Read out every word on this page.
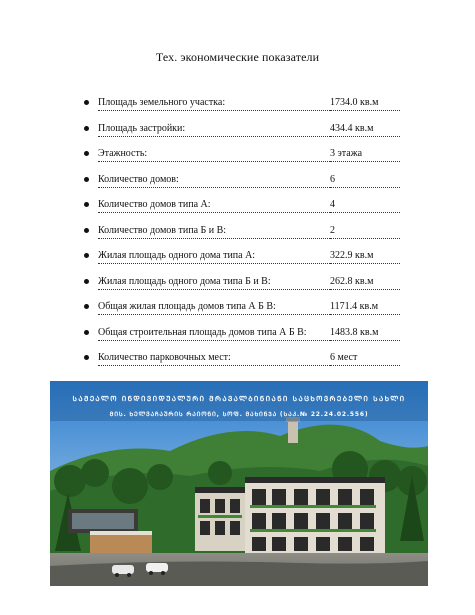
Тех. экономические показатели
Площадь земельного участка:	1734.0 кв.м
Площадь застройки:	434.4 кв.м
Этажность:	3 этажа
Количество домов:	6
Количество домов типа А:	4
Количество домов типа Б и В:	2
Жилая площадь одного дома типа А:	322.9 кв.м
Жилая площадь одного дома типа Б и В:	262.8 кв.м
Общая жилая площадь домов типа А Б В:	1171.4 кв.м
Общая строительная площадь домов типа А Б В:	1483.8 кв.м
Количество парковочных мест:	6 мест
ᲡᲐᲛᲔᲐᲚᲝ ᲘᲜᲓᲘᲕᲘᲓᲣᲐᲚᲣᲠᲘ ᲛᲠᲐᲕᲐᲚᲑᲘᲜᲘᲐᲜᲘ ᲡᲐᲪᲮᲝᲕᲠᲔᲑᲔᲚᲘ ᲡᲐᲮᲚᲘ
ᲛᲘᲡ. ᲮᲔᲚᲕᲐᲩᲐᲣᲠᲘᲡ ᲠᲐᲘᲝᲜᲘ, ᲡᲝᲤ. ᲛᲐᲮᲘᲜᲯᲐ (ᲡᲐᲙ.№ 22.24.02.556)
